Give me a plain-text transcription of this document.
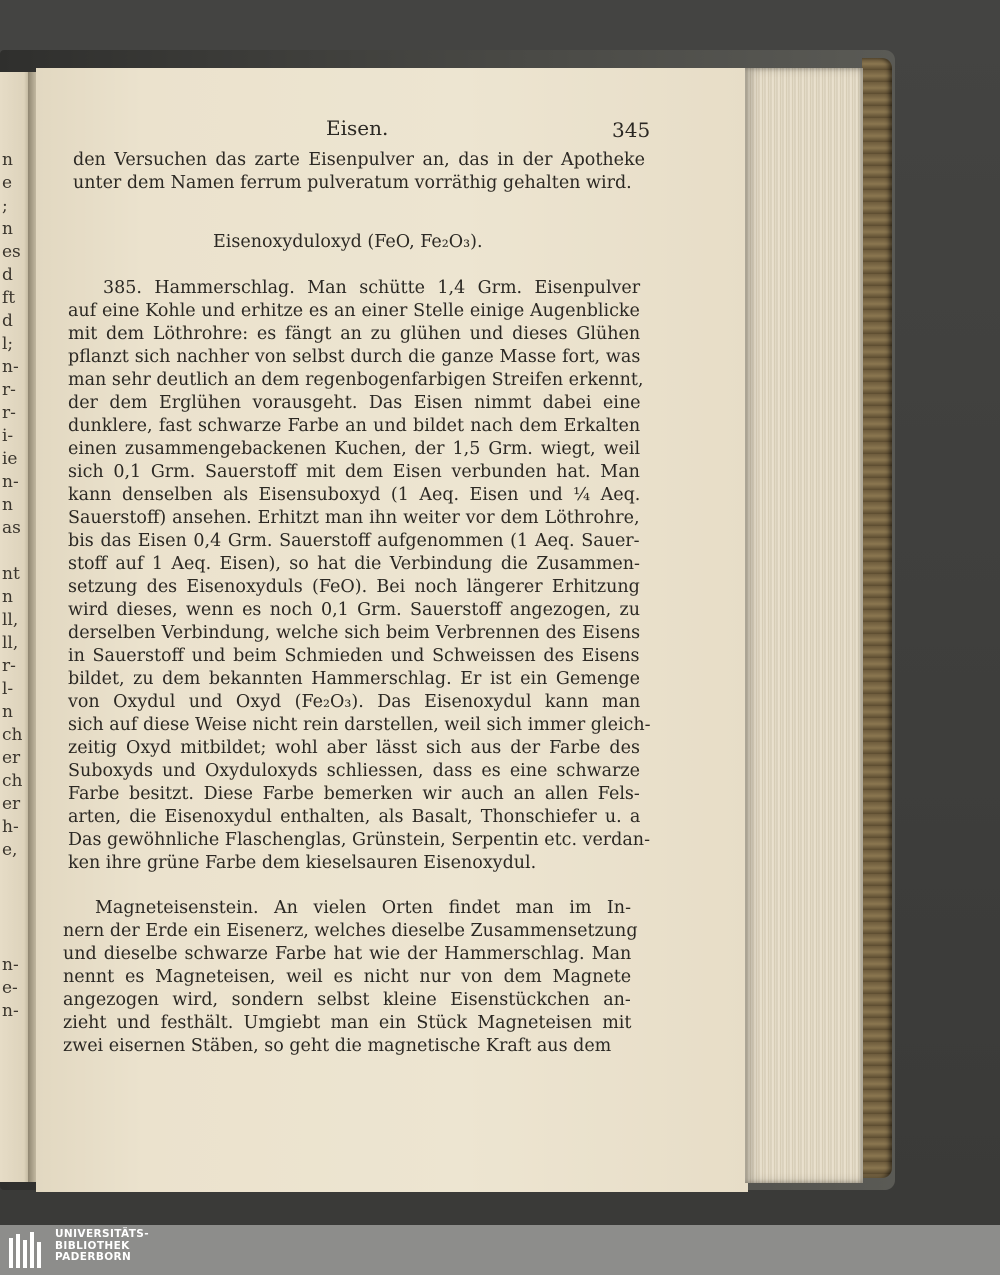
n
e
;
n
es
d
ft
d
l;
n-
r-
r-
i-
ie
n-
n
as
nt
n
ll,
ll,
r-
l-
n
ch
er
ch
er
h-
e,
n-
e-
n-
Eisen.	345
den Versuchen das zarte Eisenpulver an, das in der Apotheke
unter dem Namen ferrum pulveratum vorräthig gehalten wird.
Eisenoxyduloxyd (FeO, Fe₂O₃).
385. Hammerschlag. Man schütte 1,4 Grm. Eisenpulver
auf eine Kohle und erhitze es an einer Stelle einige Augenblicke
mit dem Löthrohre: es fängt an zu glühen und dieses Glühen
pflanzt sich nachher von selbst durch die ganze Masse fort, was
man sehr deutlich an dem regenbogenfarbigen Streifen erkennt,
der dem Erglühen vorausgeht. Das Eisen nimmt dabei eine
dunklere, fast schwarze Farbe an und bildet nach dem Erkalten
einen zusammengebackenen Kuchen, der 1,5 Grm. wiegt, weil
sich 0,1 Grm. Sauerstoff mit dem Eisen verbunden hat. Man
kann denselben als Eisensuboxyd (1 Aeq. Eisen und ¼ Aeq.
Sauerstoff) ansehen. Erhitzt man ihn weiter vor dem Löthrohre,
bis das Eisen 0,4 Grm. Sauerstoff aufgenommen (1 Aeq. Sauer-
stoff auf 1 Aeq. Eisen), so hat die Verbindung die Zusammen-
setzung des Eisenoxyduls (FeO). Bei noch längerer Erhitzung
wird dieses, wenn es noch 0,1 Grm. Sauerstoff angezogen, zu
derselben Verbindung, welche sich beim Verbrennen des Eisens
in Sauerstoff und beim Schmieden und Schweissen des Eisens
bildet, zu dem bekannten Hammerschlag. Er ist ein Gemenge
von Oxydul und Oxyd (Fe₂O₃). Das Eisenoxydul kann man
sich auf diese Weise nicht rein darstellen, weil sich immer gleich-
zeitig Oxyd mitbildet; wohl aber lässt sich aus der Farbe des
Suboxyds und Oxyduloxyds schliessen, dass es eine schwarze
Farbe besitzt. Diese Farbe bemerken wir auch an allen Fels-
arten, die Eisenoxydul enthalten, als Basalt, Thonschiefer u. a
Das gewöhnliche Flaschenglas, Grünstein, Serpentin etc. verdan-
ken ihre grüne Farbe dem kieselsauren Eisenoxydul.
Magneteisenstein. An vielen Orten findet man im In-
nern der Erde ein Eisenerz, welches dieselbe Zusammensetzung
und dieselbe schwarze Farbe hat wie der Hammerschlag. Man
nennt es Magneteisen, weil es nicht nur von dem Magnete
angezogen wird, sondern selbst kleine Eisenstückchen an-
zieht und festhält. Umgiebt man ein Stück Magneteisen mit
zwei eisernen Stäben, so geht die magnetische Kraft aus dem
UNIVERSITÄTS-
BIBLIOTHEK
PADERBORN
